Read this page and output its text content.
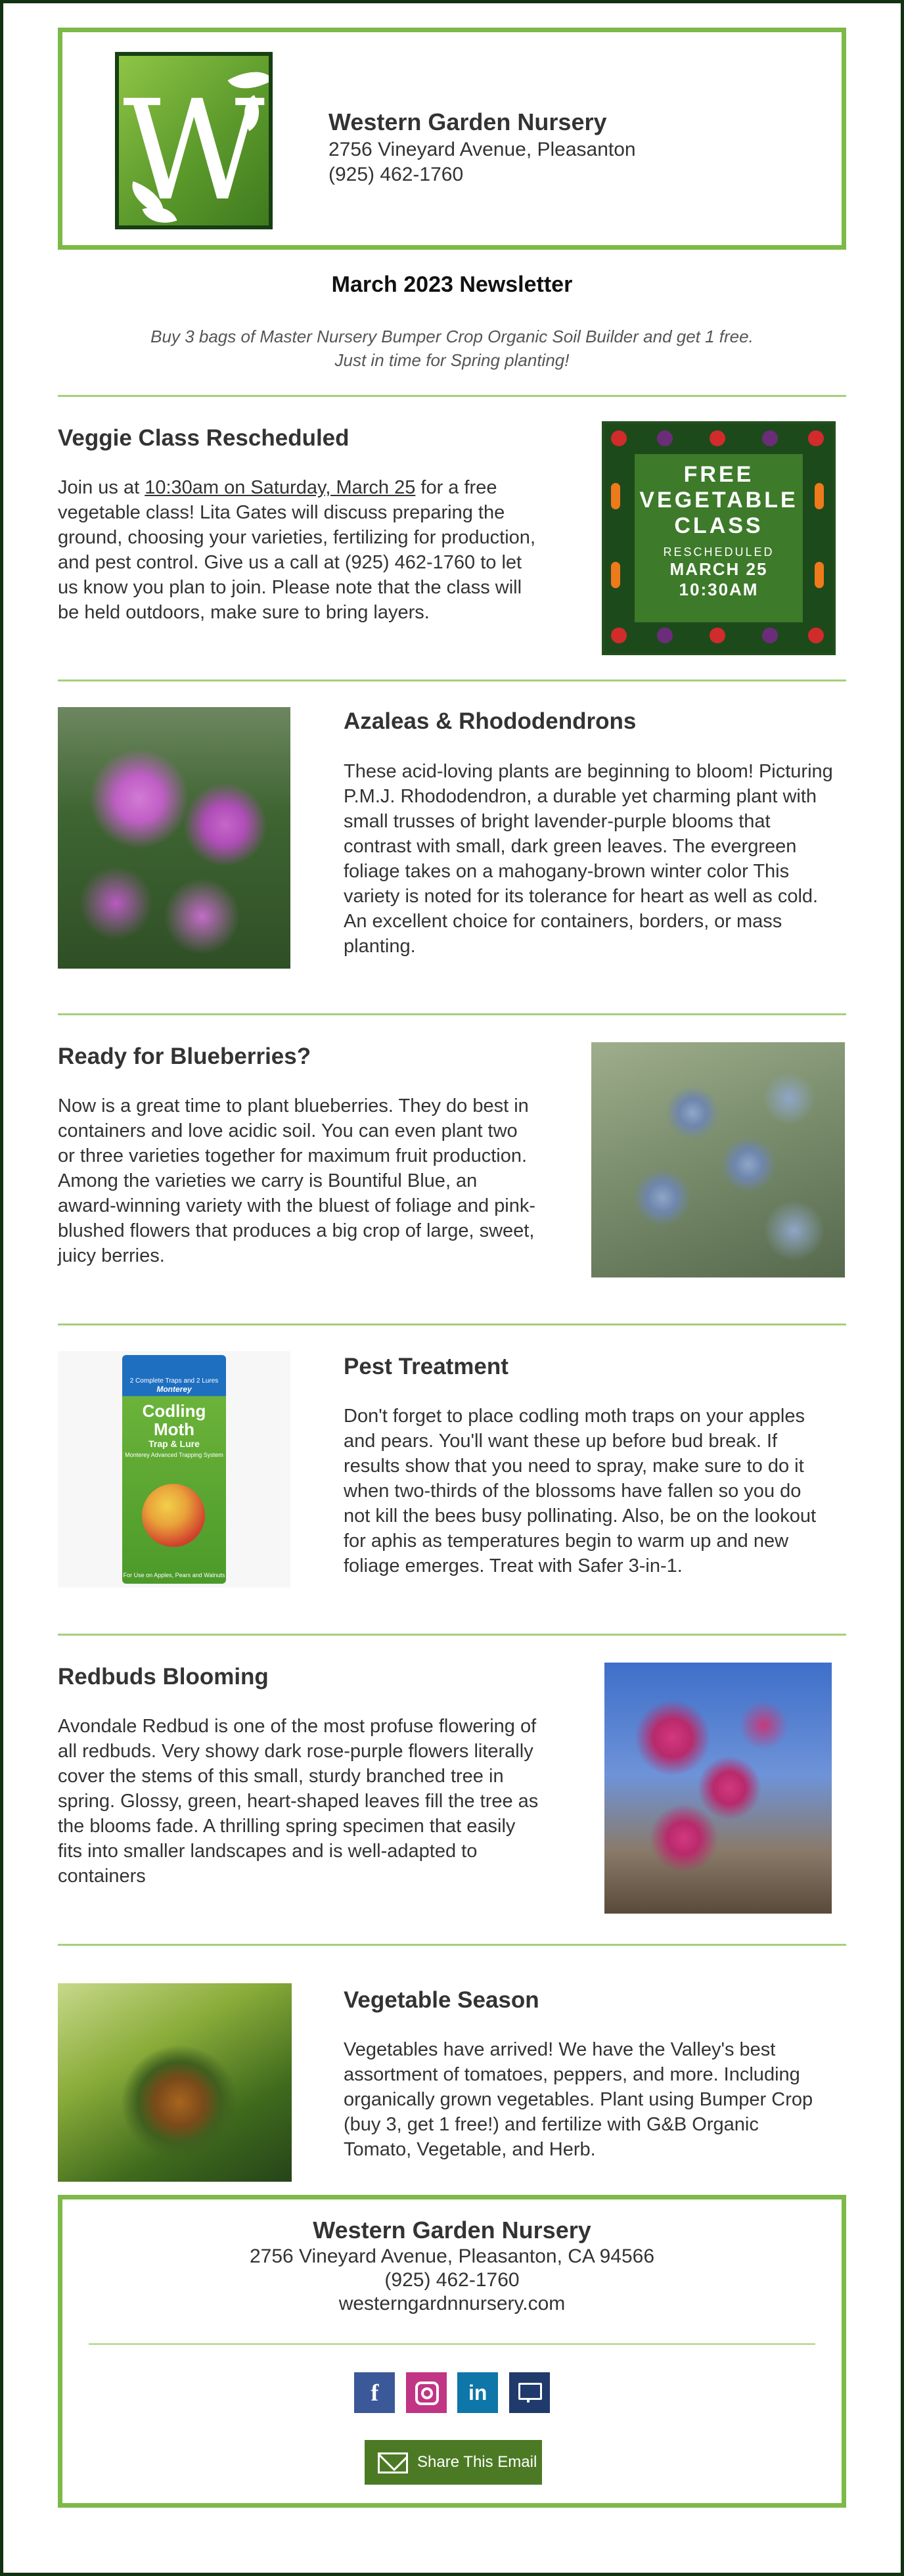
W	Western Garden Nursery
2756 Vineyard Avenue, Pleasanton
(925) 462-1760
March 2023 Newsletter
Buy 3 bags of Master Nursery Bumper Crop Organic Soil Builder and get 1 free.
Just in time for Spring planting!
Veggie Class Rescheduled
Join us at 10:30am on Saturday, March 25 for a free vegetable class! Lita Gates will discuss preparing the ground, choosing your varieties, fertilizing for production, and pest control. Give us a call at (925) 462-1760 to let us know you plan to join. Please note that the class will be held outdoors, make sure to bring layers.
FREE
VEGETABLE
CLASS
RESCHEDULED
MARCH 25
10:30AM
Azaleas & Rhododendrons
These acid-loving plants are beginning to bloom! Picturing P.M.J. Rhododendron, a durable yet charming plant with small trusses of bright lavender-purple blooms that contrast with small, dark green leaves. The evergreen foliage takes on a mahogany-brown winter color This variety is noted for its tolerance for heart as well as cold. An excellent choice for containers, borders, or mass planting.
Ready for Blueberries?
Now is a great time to plant blueberries. They do best in containers and love acidic soil. You can even plant two or three varieties together for maximum fruit production. Among the varieties we carry is Bountiful Blue, an award-winning variety with the bluest of foliage and pink-blushed flowers that produces a big crop of large, sweet, juicy berries.
2 Complete Traps and 2 Lures
Monterey
Codling
Moth
Trap & Lure
Monterey Advanced Trapping System
For Use on Apples, Pears and Walnuts
Pest Treatment
Don't forget to place codling moth traps on your apples and pears. You'll want these up before bud break. If results show that you need to spray, make sure to do it when two-thirds of the blossoms have fallen so you do not kill the bees busy pollinating. Also, be on the lookout for aphis as temperatures begin to warm up and new foliage emerges. Treat with Safer 3-in-1.
Redbuds Blooming
Avondale Redbud is one of the most profuse flowering of all redbuds. Very showy dark rose-purple flowers literally cover the stems of this small, sturdy branched tree in spring. Glossy, green, heart-shaped leaves fill the tree as the blooms fade. A thrilling spring specimen that easily fits into smaller landscapes and is well-adapted to containers
Vegetable Season
Vegetables have arrived! We have the Valley's best assortment of tomatoes, peppers, and more. Including organically grown vegetables. Plant using Bumper Crop (buy 3, get 1 free!) and fertilize with G&B Organic Tomato, Vegetable, and Herb.
Western Garden Nursery
2756 Vineyard Avenue, Pleasanton, CA 94566
(925) 462-1760
westerngardnnursery.com
f	in
Share This Email
